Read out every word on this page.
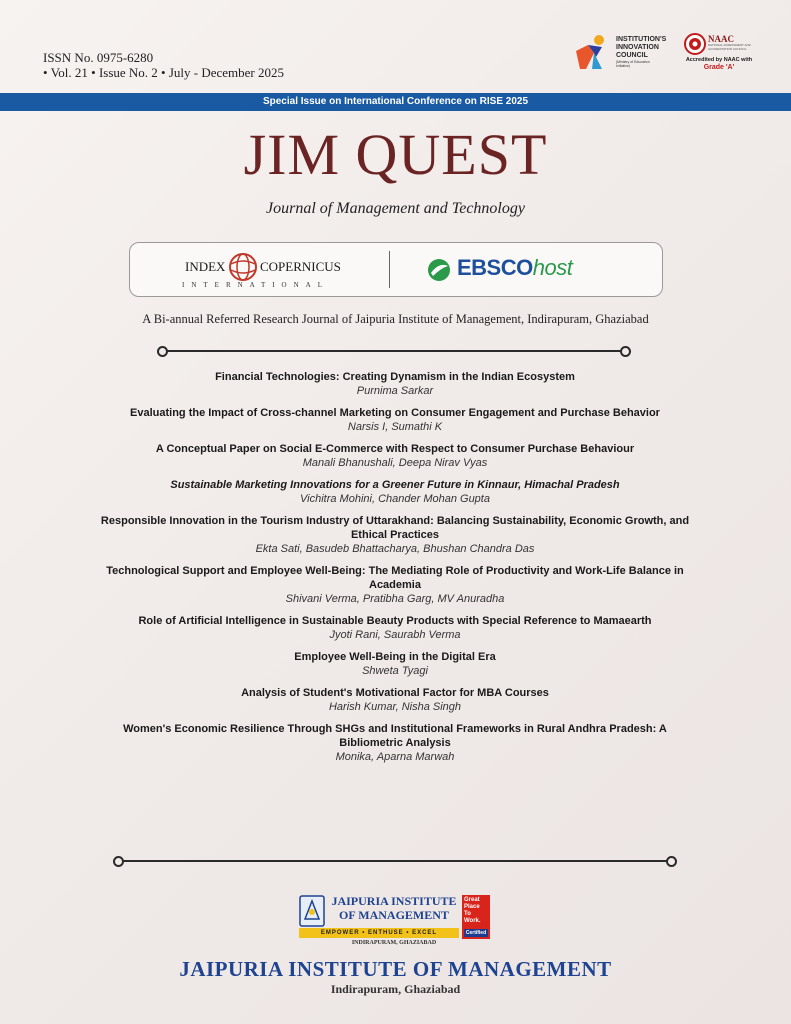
ISSN No. 0975-6280
• Vol. 21 • Issue No. 2 • July - December 2025
INSTITUTION'S
INNOVATION
COUNCIL
(Ministry of Education Initiative)
NAAC
NATIONAL ASSESSMENT AND ACCREDITATION COUNCIL
Accredited by NAAC with
Grade 'A'
Special Issue on International Conference on RISE 2025
JIM QUEST
Journal of Management and Technology
INDEX	COPERNICUS
INTERNATIONAL
EBSCOhost
A Bi-annual Referred Research Journal of Jaipuria Institute of Management, Indirapuram, Ghaziabad
Financial Technologies: Creating Dynamism in the Indian Ecosystem
Purnima Sarkar
Evaluating the Impact of Cross-channel Marketing on Consumer Engagement and Purchase Behavior
Narsis I, Sumathi K
A Conceptual Paper on Social E-Commerce with Respect to Consumer Purchase Behaviour
Manali Bhanushali, Deepa Nirav Vyas
Sustainable Marketing Innovations for a Greener Future in Kinnaur, Himachal Pradesh
Vichitra Mohini, Chander Mohan Gupta
Responsible Innovation in the Tourism Industry of Uttarakhand: Balancing Sustainability, Economic Growth, and Ethical Practices
Ekta Sati, Basudeb Bhattacharya, Bhushan Chandra Das
Technological Support and Employee Well-Being: The Mediating Role of Productivity and Work-Life Balance in Academia
Shivani Verma, Pratibha Garg, MV Anuradha
Role of Artificial Intelligence in Sustainable Beauty Products with Special Reference to Mamaearth
Jyoti Rani, Saurabh Verma
Employee Well-Being in the Digital Era
Shweta Tyagi
Analysis of Student's Motivational Factor for MBA Courses
Harish Kumar, Nisha Singh
Women's Economic Resilience Through SHGs and Institutional Frameworks in Rural Andhra Pradesh: A Bibliometric Analysis
Monika, Aparna Marwah
JAIPURIA INSTITUTE
OF MANAGEMENT
EMPOWER • ENTHUSE • EXCEL
INDIRAPURAM, GHAZIABAD
Great Place To Work.
Certified
JAIPURIA INSTITUTE OF MANAGEMENT
Indirapuram, Ghaziabad
